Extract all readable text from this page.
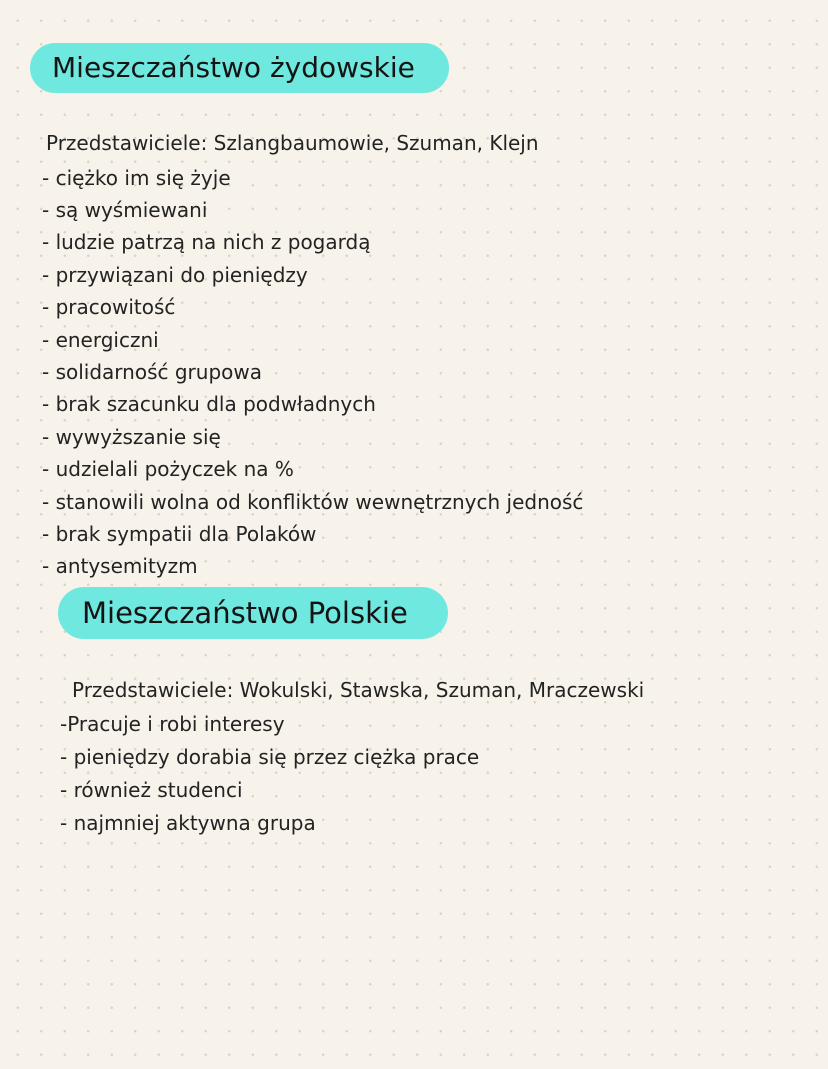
Mieszczaństwo żydowskie
Przedstawiciele: Szlangbaumowie, Szuman, Klejn
- ciężko im się żyje
- są wyśmiewani
- ludzie patrzą na nich z pogardą
- przywiązani do pieniędzy
- pracowitość
- energiczni
- solidarność grupowa
- brak szacunku dla podwładnych
- wywyższanie się
- udzielali pożyczek na %
- stanowili wolna od konfliktów wewnętrznych jedność
- brak sympatii dla Polaków
- antysemityzm
Mieszczaństwo Polskie
Przedstawiciele: Wokulski, Stawska, Szuman, Mraczewski
-Pracuje i robi interesy
- pieniędzy dorabia się przez ciężka prace
- również studenci
- najmniej aktywna grupa
